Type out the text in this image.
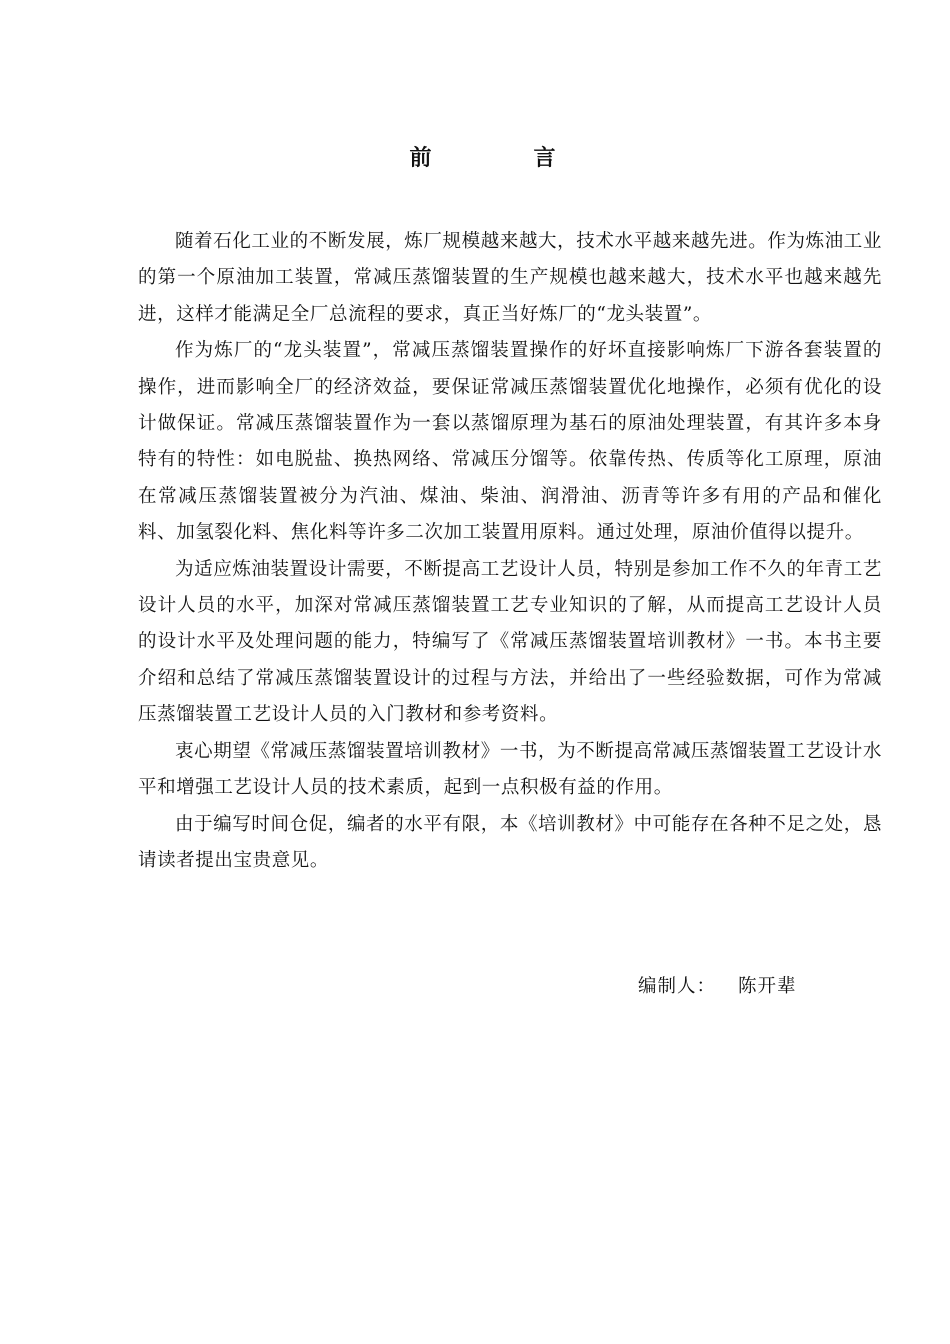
前　言

随着石化工业的不断发展，炼厂规模越来越大，技术水平越来越先进。作为炼油工业的第一个原油加工装置，常减压蒸馏装置的生产规模也越来越大，技术水平也越来越先进，这样才能满足全厂总流程的要求，真正当好炼厂的“龙头装置”。

作为炼厂的“龙头装置”，常减压蒸馏装置操作的好坏直接影响炼厂下游各套装置的操作，进而影响全厂的经济效益，要保证常减压蒸馏装置优化地操作，必须有优化的设计做保证。常减压蒸馏装置作为一套以蒸馏原理为基石的原油处理装置，有其许多本身特有的特性：如电脱盐、换热网络、常减压分馏等。依靠传热、传质等化工原理，原油在常减压蒸馏装置被分为汽油、煤油、柴油、润滑油、沥青等许多有用的产品和催化料、加氢裂化料、焦化料等许多二次加工装置用原料。通过处理，原油价值得以提升。

为适应炼油装置设计需要，不断提高工艺设计人员，特别是参加工作不久的年青工艺设计人员的水平，加深对常减压蒸馏装置工艺专业知识的了解，从而提高工艺设计人员的设计水平及处理问题的能力，特编写了《常减压蒸馏装置培训教材》一书。本书主要介绍和总结了常减压蒸馏装置设计的过程与方法，并给出了一些经验数据，可作为常减压蒸馏装置工艺设计人员的入门教材和参考资料。

衷心期望《常减压蒸馏装置培训教材》一书，为不断提高常减压蒸馏装置工艺设计水平和增强工艺设计人员的技术素质，起到一点积极有益的作用。

由于编写时间仓促，编者的水平有限，本《培训教材》中可能存在各种不足之处，恳请读者提出宝贵意见。

编制人： 陈开辈
